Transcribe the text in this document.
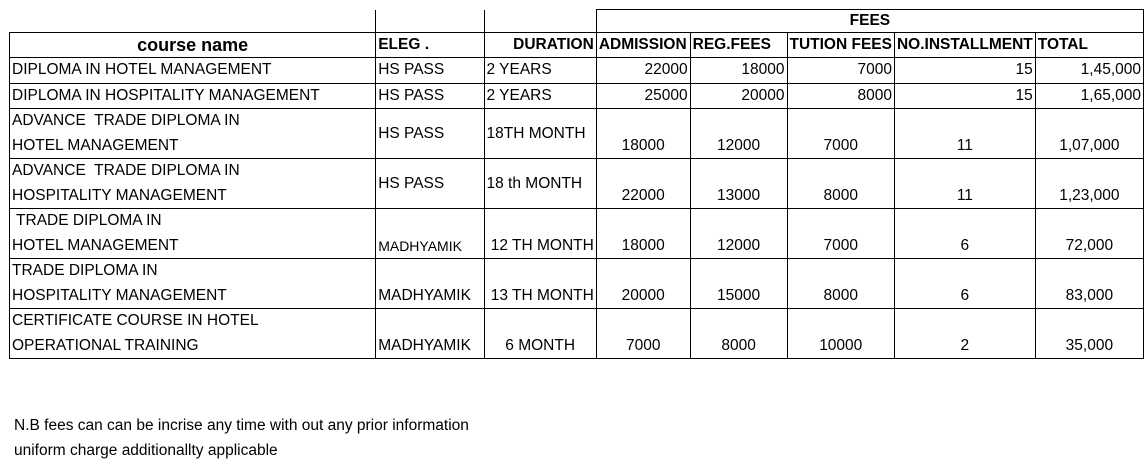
			FEES				
course name	ELEG .	DURATION	ADMISSION	REG.FEES	TUTION FEES	NO.INSTALLMENT	TOTAL

DIPLOMA IN HOTEL MANAGEMENT	HS PASS	2 YEARS	22000	18000	7000	15	1,45,000

DIPLOMA IN HOSPITALITY MANAGEMENT	HS PASS	2 YEARS	25000	20000	8000	15	1,65,000

ADVANCE  TRADE DIPLOMA IN
HOTEL MANAGEMENT	HS PASS	18TH MONTH	18000	12000	7000	11	1,07,000

ADVANCE  TRADE DIPLOMA IN
HOSPITALITY MANAGEMENT	HS PASS	18 th MONTH	22000	13000	8000	11	1,23,000

TRADE DIPLOMA IN
HOTEL MANAGEMENT	MADHYAMIK	12 TH MONTH	18000	12000	7000	6	72,000

TRADE DIPLOMA IN
HOSPITALITY MANAGEMENT	MADHYAMIK	13 TH MONTH	20000	15000	8000	6	83,000

CERTIFICATE COURSE IN HOTEL
OPERATIONAL TRAINING	MADHYAMIK	6 MONTH	7000	8000	10000	2	35,000
N.B fees can can be incrise any time with out any prior information
uniform charge additionallty applicable
